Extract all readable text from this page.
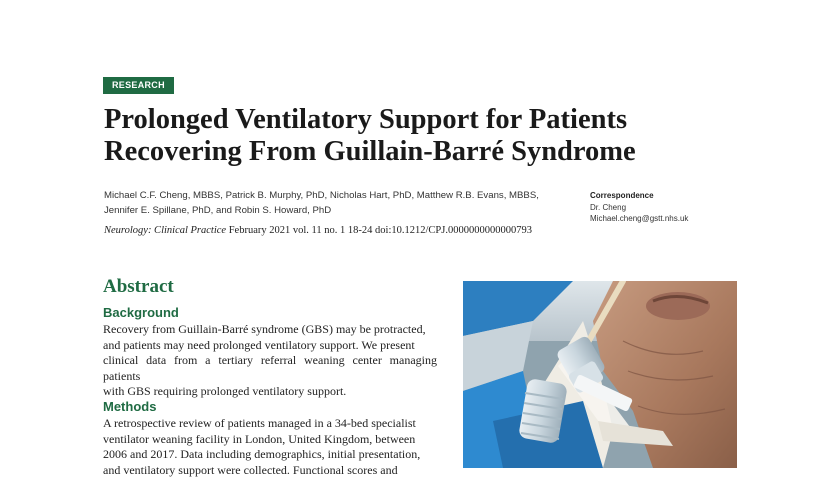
RESEARCH
Prolonged Ventilatory Support for Patients Recovering From Guillain-Barré Syndrome
Michael C.F. Cheng, MBBS, Patrick B. Murphy, PhD, Nicholas Hart, PhD, Matthew R.B. Evans, MBBS,
Jennifer E. Spillane, PhD, and Robin S. Howard, PhD
Neurology: Clinical Practice February 2021 vol. 11 no. 1 18-24 doi:10.1212/CPJ.0000000000000793
Correspondence
Dr. Cheng
Michael.cheng@gstt.nhs.uk
Abstract
Background
Recovery from Guillain-Barré syndrome (GBS) may be protracted,
and patients may need prolonged ventilatory support. We present
clinical data from a tertiary referral weaning center managing patients
with GBS requiring prolonged ventilatory support.
Methods
A retrospective review of patients managed in a 34-bed specialist
ventilator weaning facility in London, United Kingdom, between
2006 and 2017. Data including demographics, initial presentation,
and ventilatory support were collected. Functional scores and
